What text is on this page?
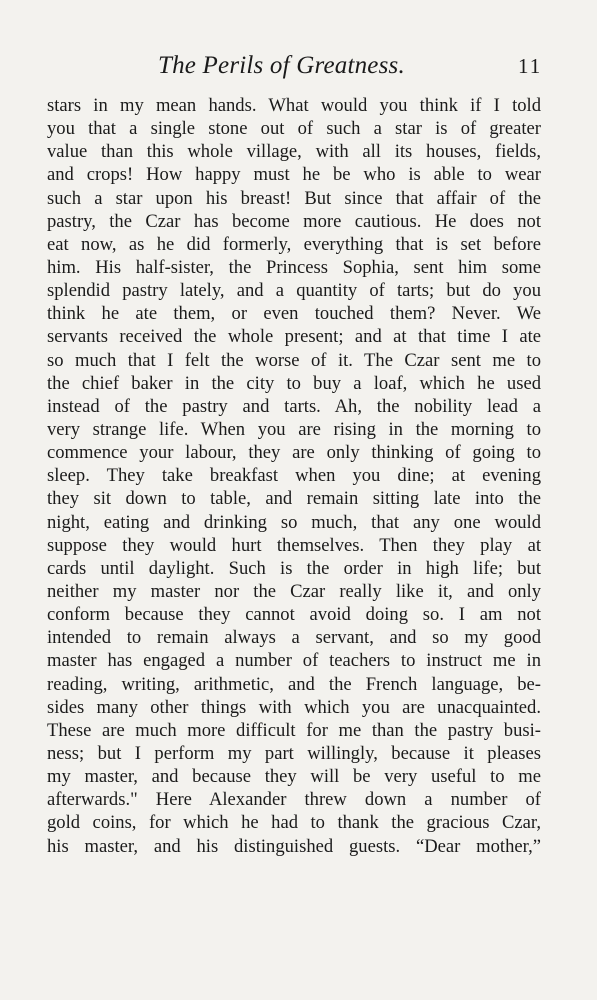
The Perils of Greatness.	11
stars in my mean hands. What would you think if I told
you that a single stone out of such a star is of greater
value than this whole village, with all its houses, fields,
and crops! How happy must he be who is able to wear
such a star upon his breast! But since that affair of the
pastry, the Czar has become more cautious. He does not
eat now, as he did formerly, everything that is set before
him. His half-sister, the Princess Sophia, sent him some
splendid pastry lately, and a quantity of tarts; but do you
think he ate them, or even touched them? Never. We
servants received the whole present; and at that time I ate
so much that I felt the worse of it. The Czar sent me to
the chief baker in the city to buy a loaf, which he used
instead of the pastry and tarts. Ah, the nobility lead a
very strange life. When you are rising in the morning to
commence your labour, they are only thinking of going to
sleep. They take breakfast when you dine; at evening
they sit down to table, and remain sitting late into the
night, eating and drinking so much, that any one would
suppose they would hurt themselves. Then they play at
cards until daylight. Such is the order in high life; but
neither my master nor the Czar really like it, and only
conform because they cannot avoid doing so. I am not
intended to remain always a servant, and so my good
master has engaged a number of teachers to instruct me in
reading, writing, arithmetic, and the French language, be-
sides many other things with which you are unacquainted.
These are much more difficult for me than the pastry busi-
ness; but I perform my part willingly, because it pleases
my master, and because they will be very useful to me
afterwards." Here Alexander threw down a number of
gold coins, for which he had to thank the gracious Czar,
his master, and his distinguished guests. “Dear mother,”
